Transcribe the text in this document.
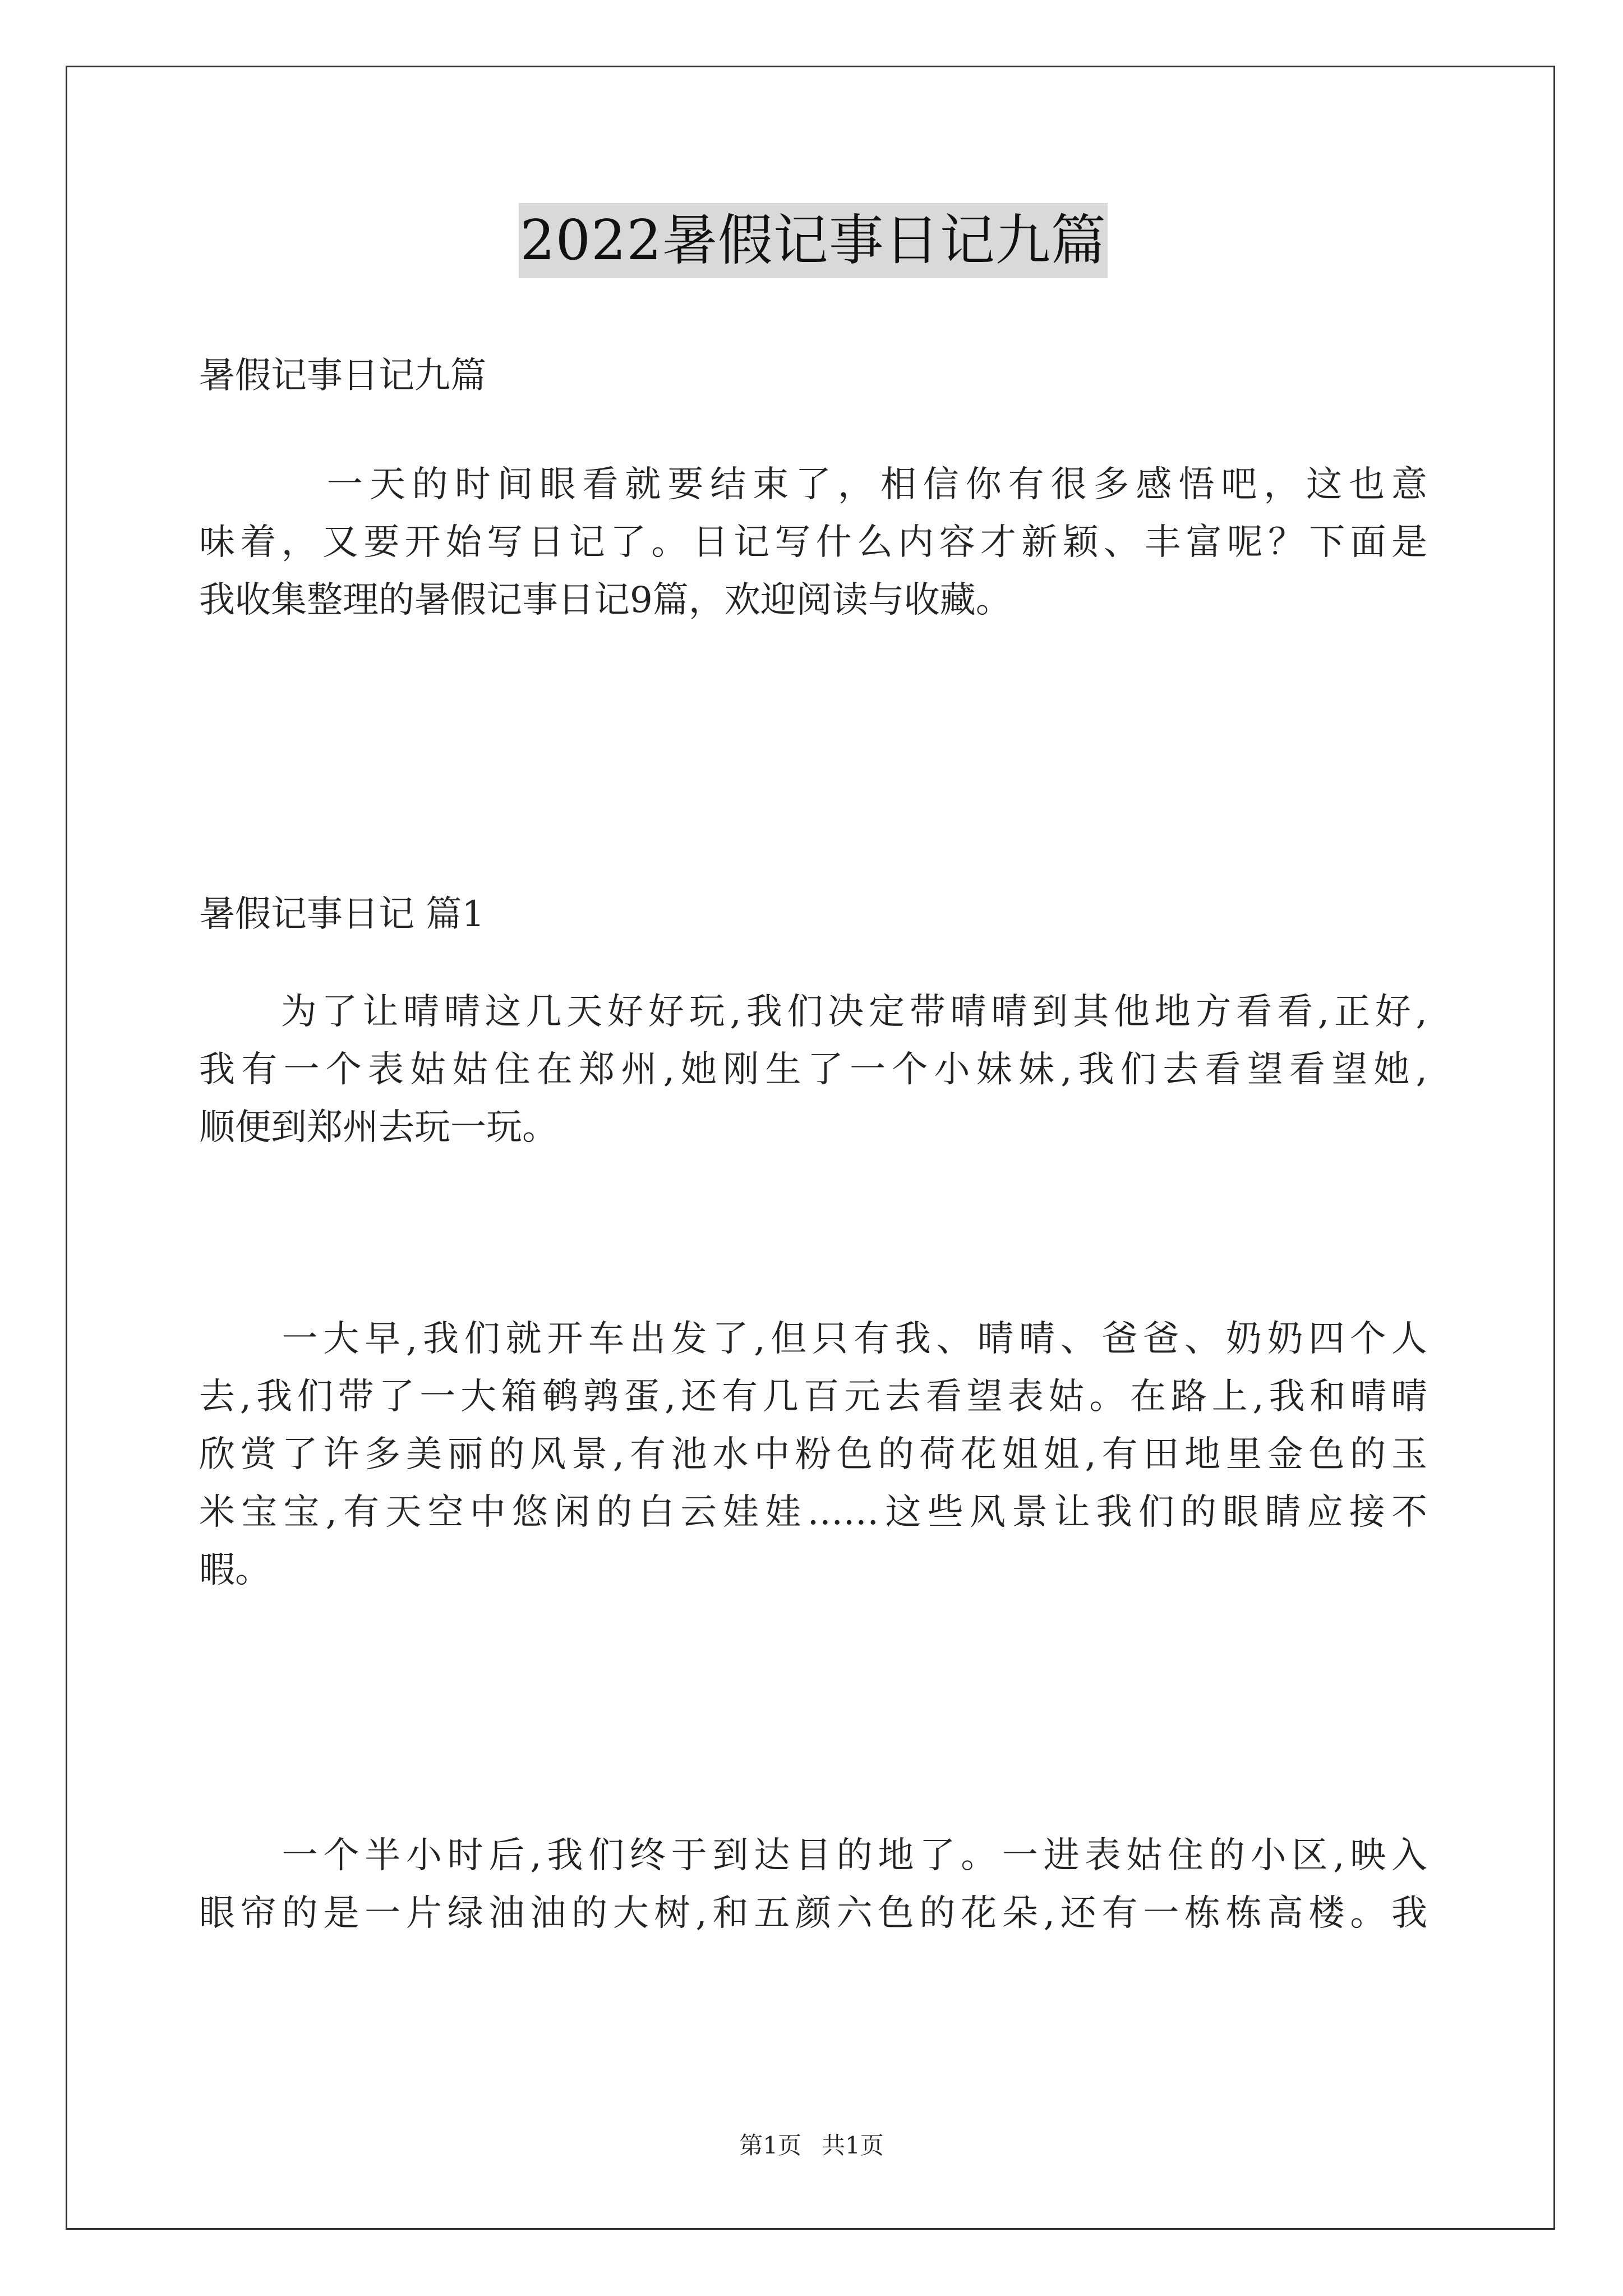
2022暑假记事日记九篇
暑假记事日记九篇
　　　一天的时间眼看就要结束了，相信你有很多感悟吧，这也意
味着，又要开始写日记了。日记写什么内容才新颖、丰富呢？下面是
我收集整理的暑假记事日记9篇，欢迎阅读与收藏。
暑假记事日记 篇1
　　为了让晴晴这几天好好玩,我们决定带晴晴到其他地方看看,正好,
我有一个表姑姑住在郑州,她刚生了一个小妹妹,我们去看望看望她,
顺便到郑州去玩一玩。
　　一大早,我们就开车出发了,但只有我、晴晴、爸爸、奶奶四个人
去,我们带了一大箱鹌鹑蛋,还有几百元去看望表姑。在路上,我和晴晴
欣赏了许多美丽的风景,有池水中粉色的荷花姐姐,有田地里金色的玉
米宝宝,有天空中悠闲的白云娃娃……这些风景让我们的眼睛应接不
暇。
　　一个半小时后,我们终于到达目的地了。一进表姑住的小区,映入
眼帘的是一片绿油油的大树,和五颜六色的花朵,还有一栋栋高楼。我
第1页 共1页
